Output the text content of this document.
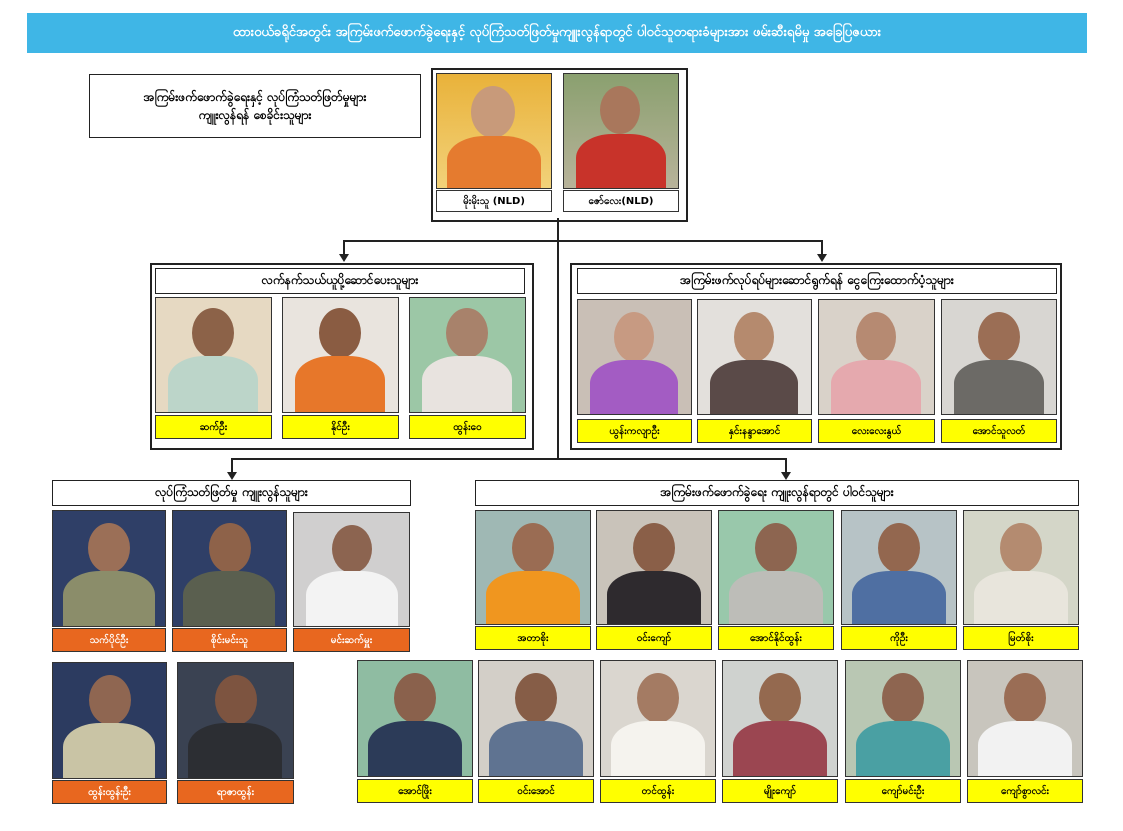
ထားဝယ်ခရိုင်အတွင်း အကြမ်းဖက်ဖောက်ခွဲရေးနှင့် လုပ်ကြံသတ်ဖြတ်မှုကျူးလွန်ရာတွင် ပါဝင်သူတရားခံများအား ဖမ်းဆီးရမိမှု အခြေပြဇယား
အကြမ်းဖက်ဖောက်ခွဲရေးနှင့် လုပ်ကြံသတ်ဖြတ်မှုများ
ကျူးလွန်ရန် စေခိုင်းသူများ
မိုးမိုးသူ (NLD)	ဇော်လေး(NLD)
လက်နက်သယ်ယူပို့ဆောင်ပေးသူများ
ဆက်ဦး	နိုင်ဦး	ထွန်းဝေ
အကြမ်းဖက်လုပ်ရပ်များဆောင်ရွက်ရန် ငွေကြေးထောက်ပံ့သူများ
ယွန်းကလျာဦး	နှင်းနန္ဒာအောင်	လေးလေးနွယ်	အောင်သူလတ်
လုပ်ကြံသတ်ဖြတ်မှု ကျူးလွန်သူများ
သက်ပိုင်ဦး	စိုင်းမင်းသူ	မင်းဆက်မှူး
ထွန်းထွန်းဦး	ရာဇာထွန်း
အကြမ်းဖက်ဖောက်ခွဲရေး ကျူးလွန်ရာတွင် ပါဝင်သူများ
အတာစိုး	ဝင်းကျော်	အောင်နိုင်ထွန်း	ကိုဦး	မြတ်စိုး
အောင်ဖြိုး	ဝင်းအောင်	တင်ထွန်း	မျိုးကျော်	ကျော်မင်းဦး	ကျော်စွာလင်း
